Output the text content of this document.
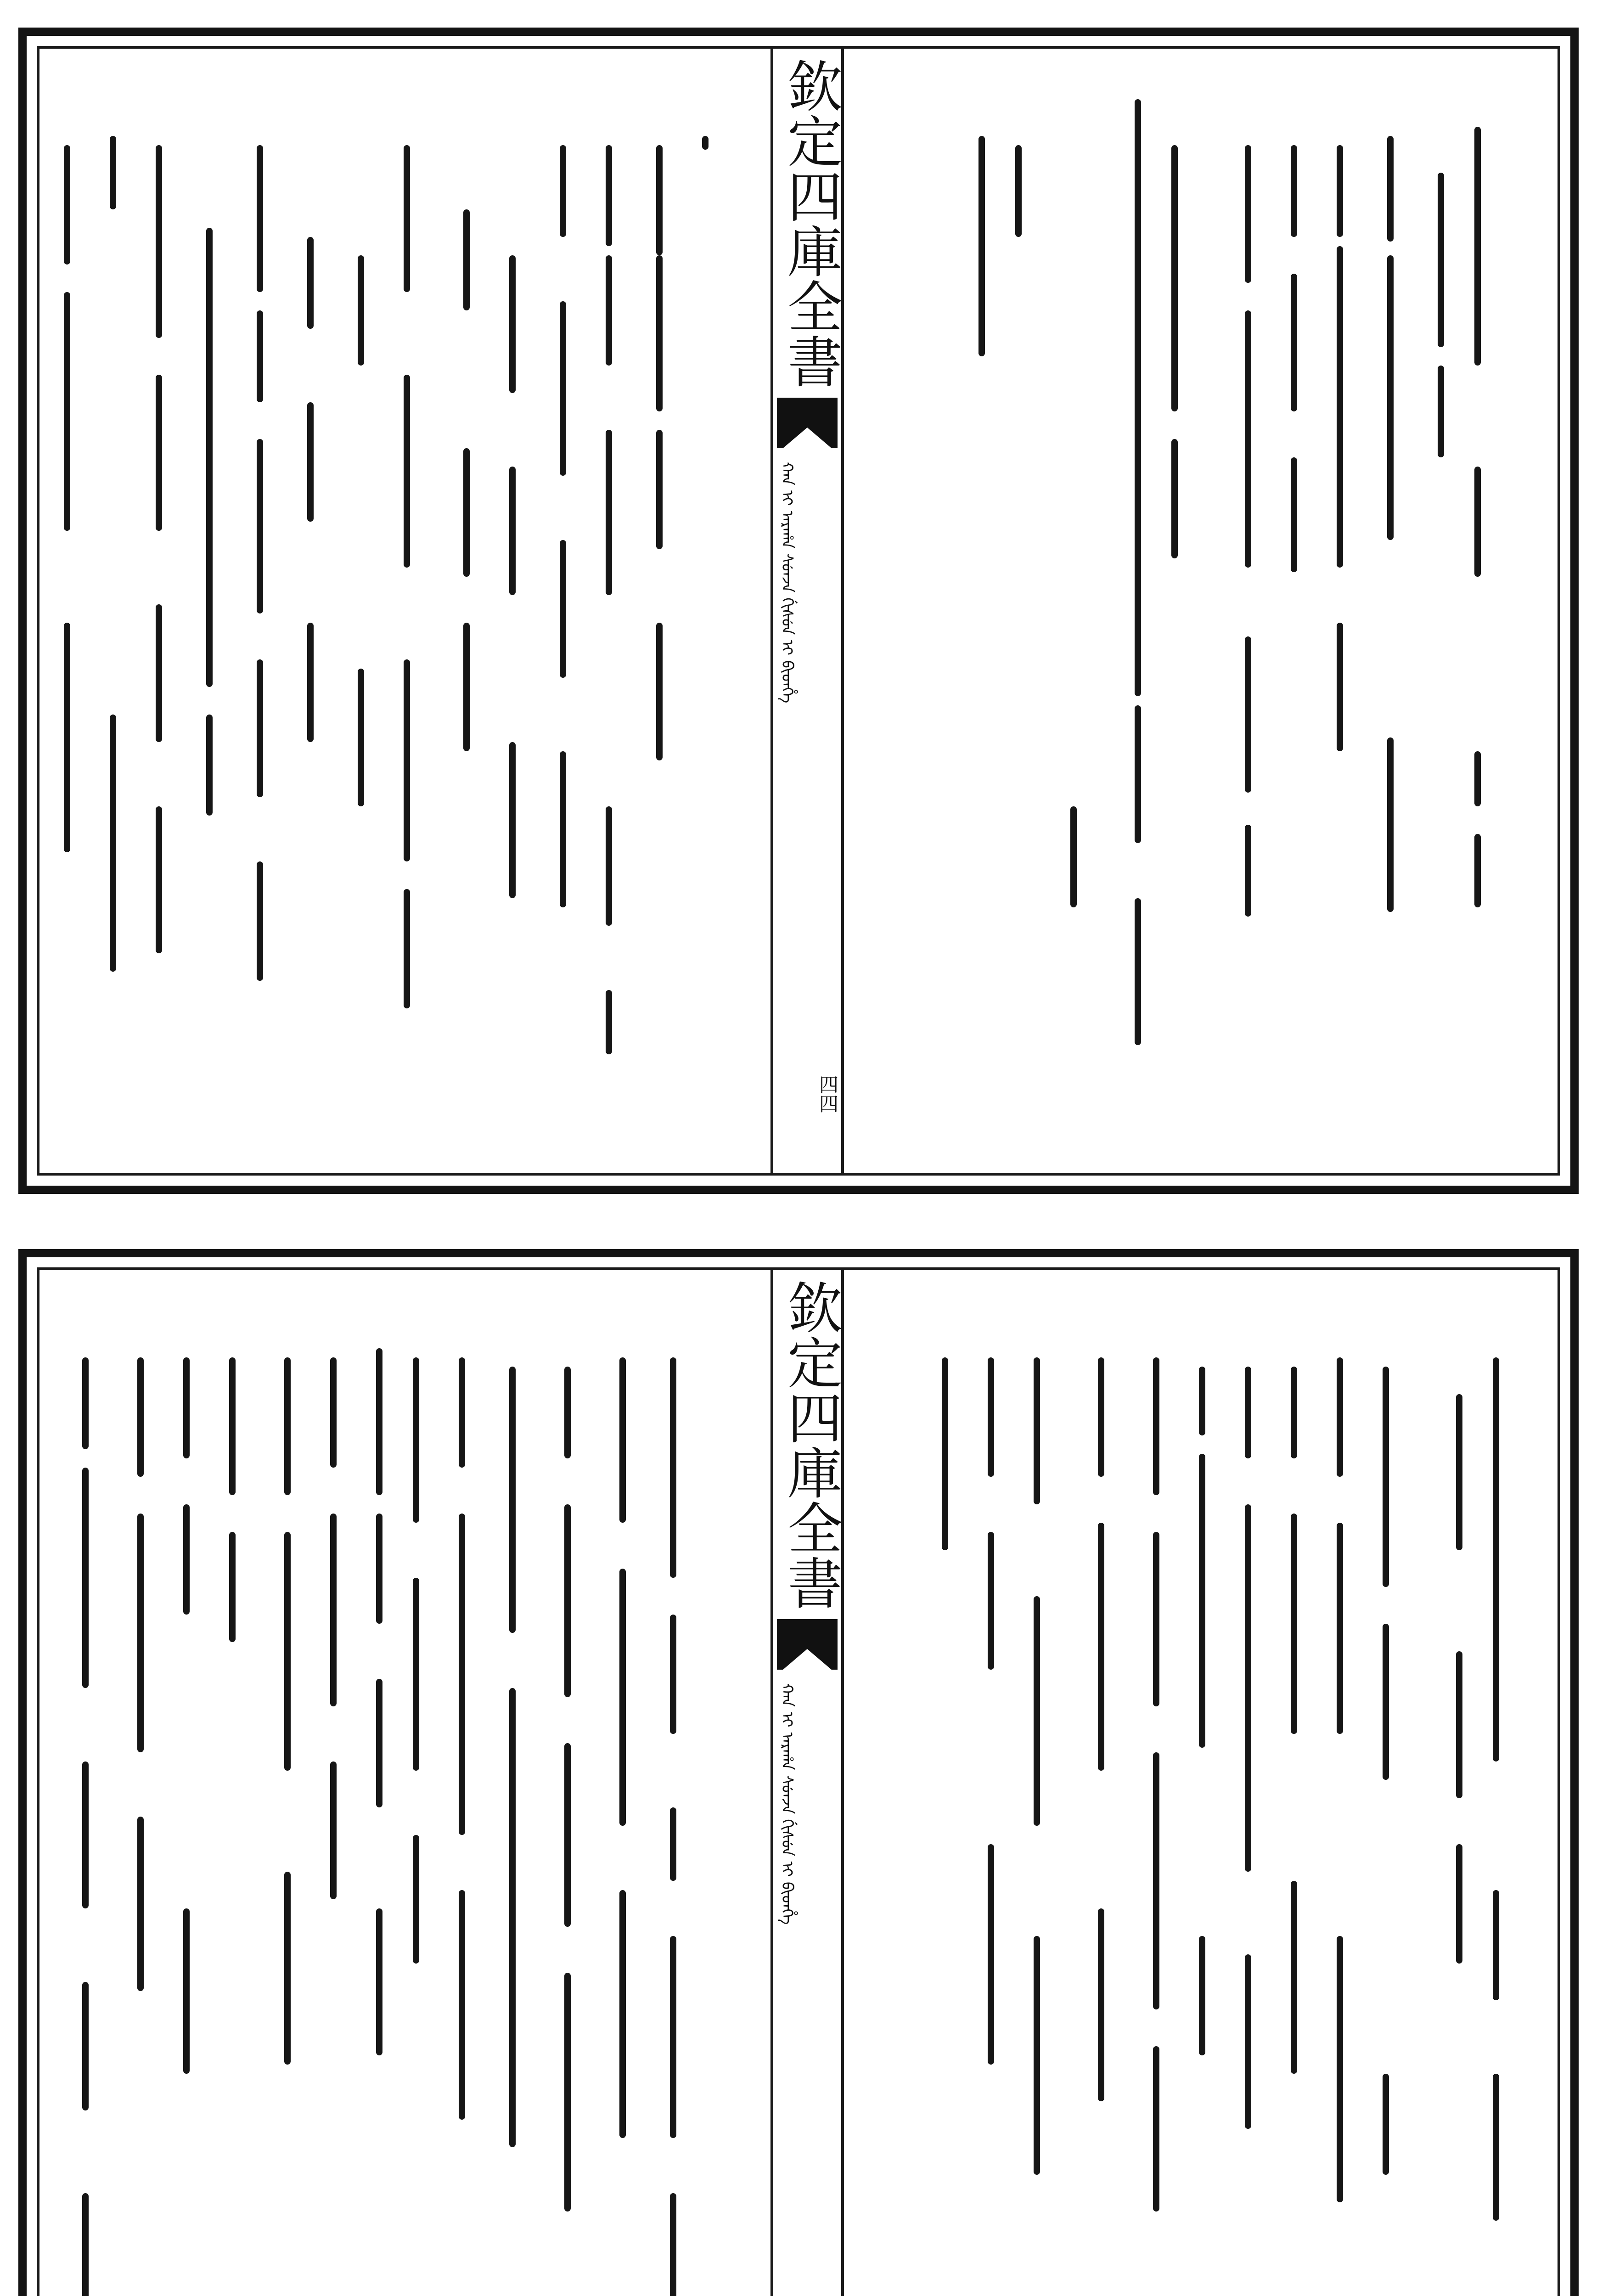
欽定四庫全書
ᠬᠠᠨ ᡳ ᠠᡵᠠᡥᠠ ᠰᡠᠨᠵᠠ ᡤᡳᠰᡠᠨ ᡳ ᠪᡳᡨᡥᡝ
四四
欽定四庫全書
ᠬᠠᠨ ᡳ ᠠᡵᠠᡥᠠ ᠰᡠᠨᠵᠠ ᡤᡳᠰᡠᠨ ᡳ ᠪᡳᡨᡥᡝ
